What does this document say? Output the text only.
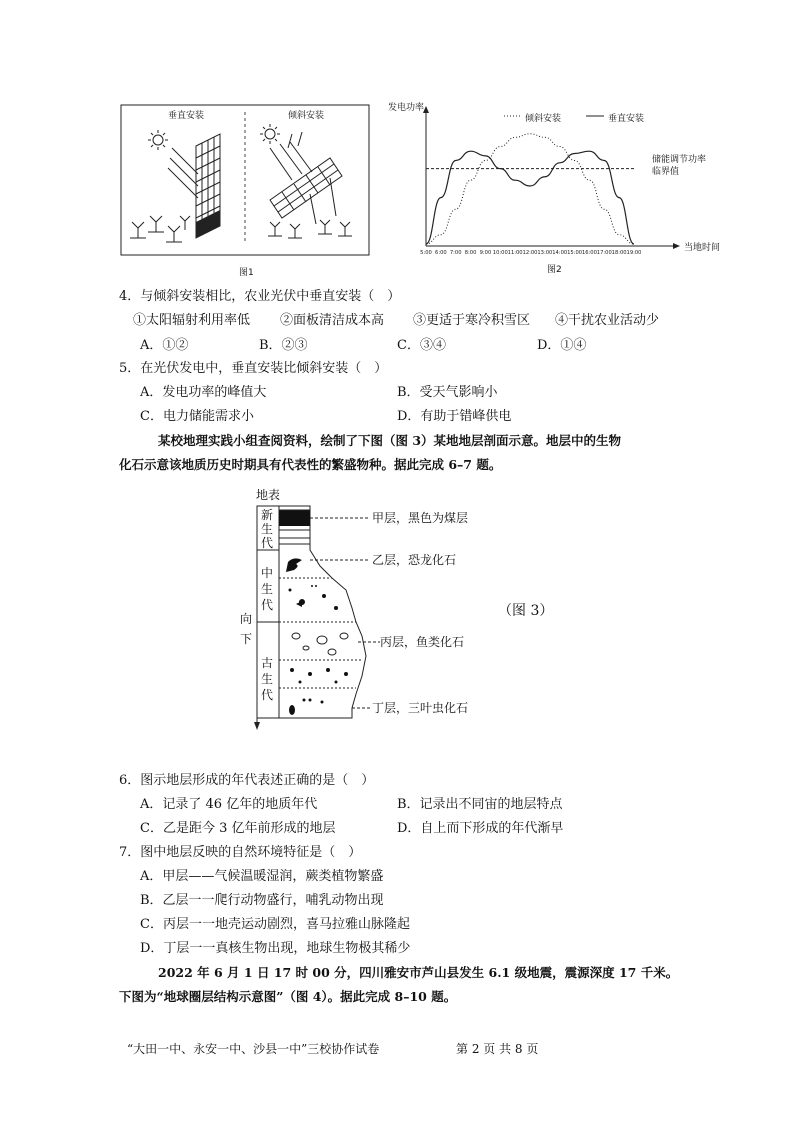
垂直安装	倾斜安装
图1
5:00 6:00 7:00 8:00 9:00 10:00 11:00 12:00 13:00 14:00 15:00 16:00 17:00 18:00 19:00
发电功率
倾斜安装	垂直安装
储能调节功率
临界值
当地时间
图2
4．与倾斜安装相比，农业光伏中垂直安装（　）
①太阳辐射利用率低 ②面板清洁成本高 ③更适于寒冷积雪区 ④干扰农业活动少
A．①②	B．②③	C．③④	D．①④
5．在光伏发电中，垂直安装比倾斜安装（　）
A．发电功率的峰值大	B．受天气影响小
C．电力储能需求小	D．有助于错峰供电
某校地理实践小组查阅资料，绘制了下图（图 3）某地地层剖面示意。地层中的生物
化石示意该地质历史时期具有代表性的繁盛物种。据此完成 6–7 题。
地表
新
生
代
中
生
代
古
生
代
向
下
甲层，黑色为煤层
乙层，恐龙化石
丙层，鱼类化石
丁层，三叶虫化石
（图 3）
6．图示地层形成的年代表述正确的是（　）
A．记录了 46 亿年的地质年代	B．记录出不同宙的地层特点
C．乙是距今 3 亿年前形成的地层	D．自上而下形成的年代渐早
7．图中地层反映的自然环境特征是（　）
A．甲层——气候温暖湿润，蕨类植物繁盛
B．乙层一一爬行动物盛行，哺乳动物出现
C．丙层一一地壳运动剧烈，喜马拉雅山脉隆起
D．丁层一一真核生物出现，地球生物极其稀少
2022 年 6 月 1 日 17 时 00 分，四川雅安市芦山县发生 6.1 级地震，震源深度 17 千米。
下图为“地球圈层结构示意图”（图 4）。据此完成 8–10 题。
“大田一中、永安一中、沙县一中”三校协作试卷	第 2 页 共 8 页
